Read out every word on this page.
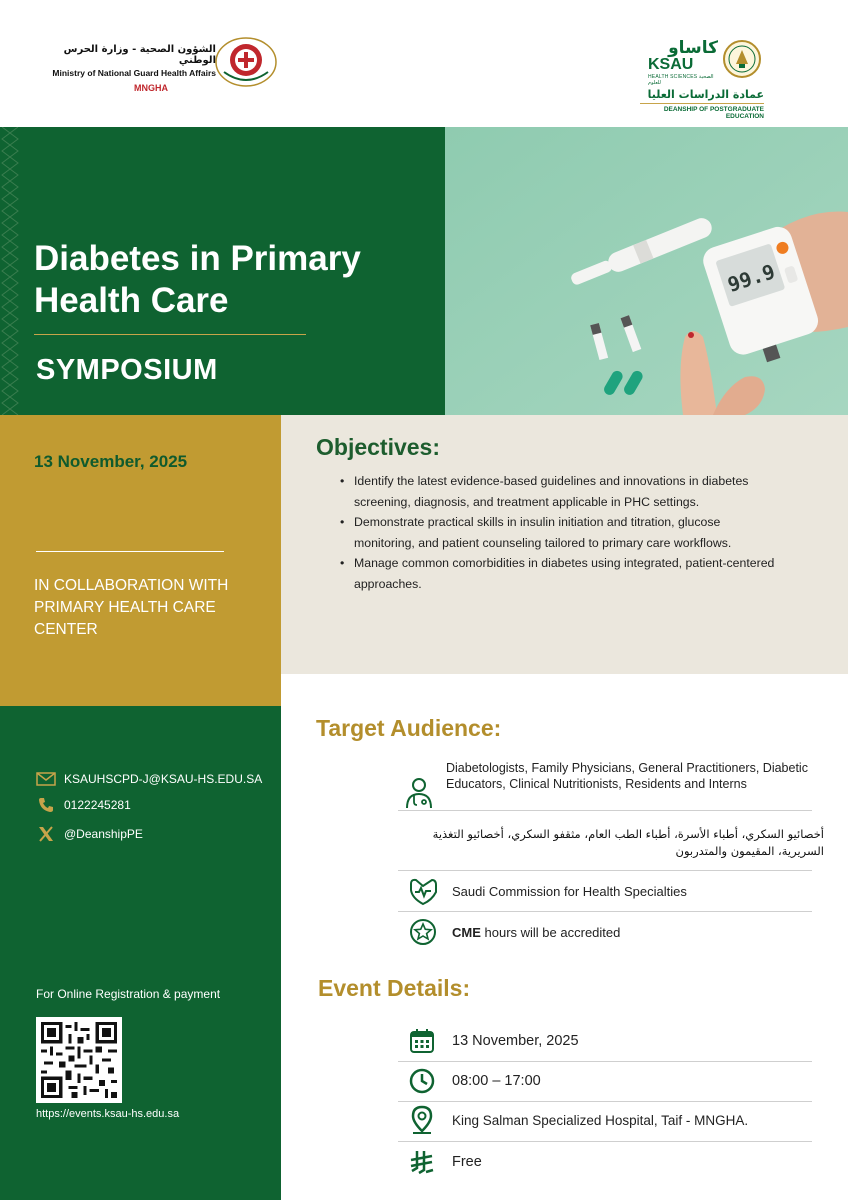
الشؤون الصحية - وزارة الحرس الوطني
Ministry of National Guard Health Affairs
MNGHA
كاساو
KSAU
HEALTH SCIENCES الصحية للعلوم
عمادة الدراسات العليا
DEANSHIP OF POSTGRADUATE EDUCATION
Diabetes in Primary Health Care
SYMPOSIUM
99.9
13 November, 2025
IN COLLABORATION WITH PRIMARY HEALTH CARE CENTER
Objectives:
• Identify the latest evidence-based guidelines and innovations in diabetes screening, diagnosis, and treatment applicable in PHC settings.
• Demonstrate practical skills in insulin initiation and titration, glucose monitoring, and patient counseling tailored to primary care workflows.
• Manage common comorbidities in diabetes using integrated, patient-centered approaches.
KSAUHSCPD-J@KSAU-HS.EDU.SA
0122245281
@DeanshipPE
For Online Registration & payment
https://events.ksau-hs.edu.sa
Target Audience:
Diabetologists, Family Physicians, General Practitioners, Diabetic Educators, Clinical Nutritionists, Residents and Interns
أخصائيو السكري، أطباء الأسرة، أطباء الطب العام، مثقفو السكري، أخصائيو التغذية السريرية، المقيمون والمتدربون
Saudi Commission for Health Specialties
CME hours will be accredited
Event Details:
13 November, 2025
08:00 – 17:00
King Salman Specialized Hospital, Taif - MNGHA.
Free
